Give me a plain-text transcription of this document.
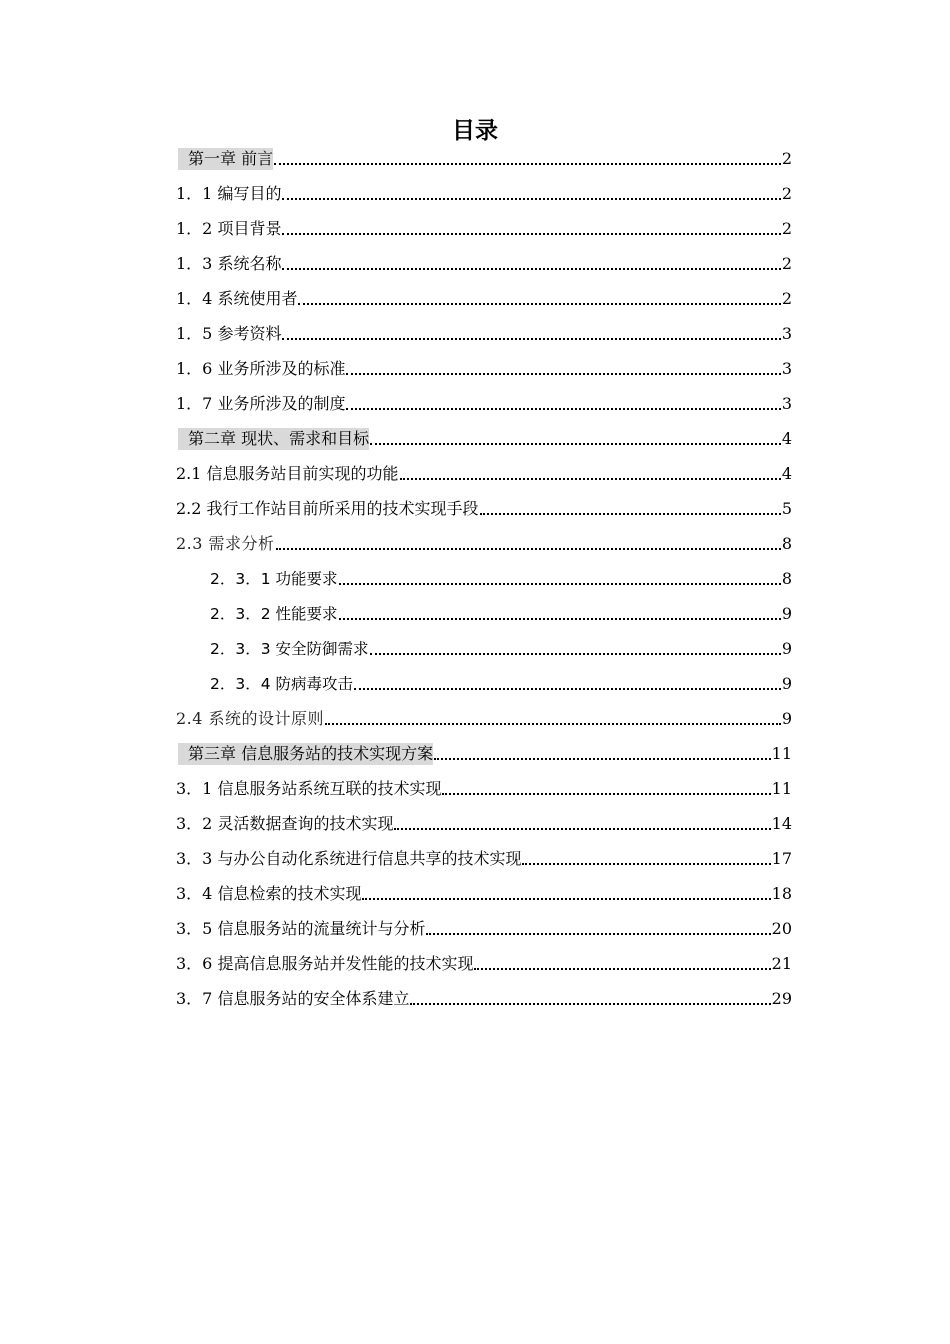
目录
第一章 前言	2
1．1 编写目的	2
1．2 项目背景	2
1．3 系统名称	2
1．4 系统使用者	2
1．5 参考资料	3
1．6 业务所涉及的标准	3
1．7 业务所涉及的制度	3
第二章 现状、需求和目标	4
2.1 信息服务站目前实现的功能	4
2.2 我行工作站目前所采用的技术实现手段	5
2.3 需求分析	8
2．3．1 功能要求	8
2．3．2 性能要求	9
2．3．3 安全防御需求	9
2．3．4 防病毒攻击	9
2.4 系统的设计原则	9
第三章 信息服务站的技术实现方案	11
3．1 信息服务站系统互联的技术实现	11
3．2 灵活数据查询的技术实现	14
3．3 与办公自动化系统进行信息共享的技术实现	17
3．4 信息检索的技术实现	18
3．5 信息服务站的流量统计与分析	20
3．6 提高信息服务站并发性能的技术实现	21
3．7 信息服务站的安全体系建立	29
